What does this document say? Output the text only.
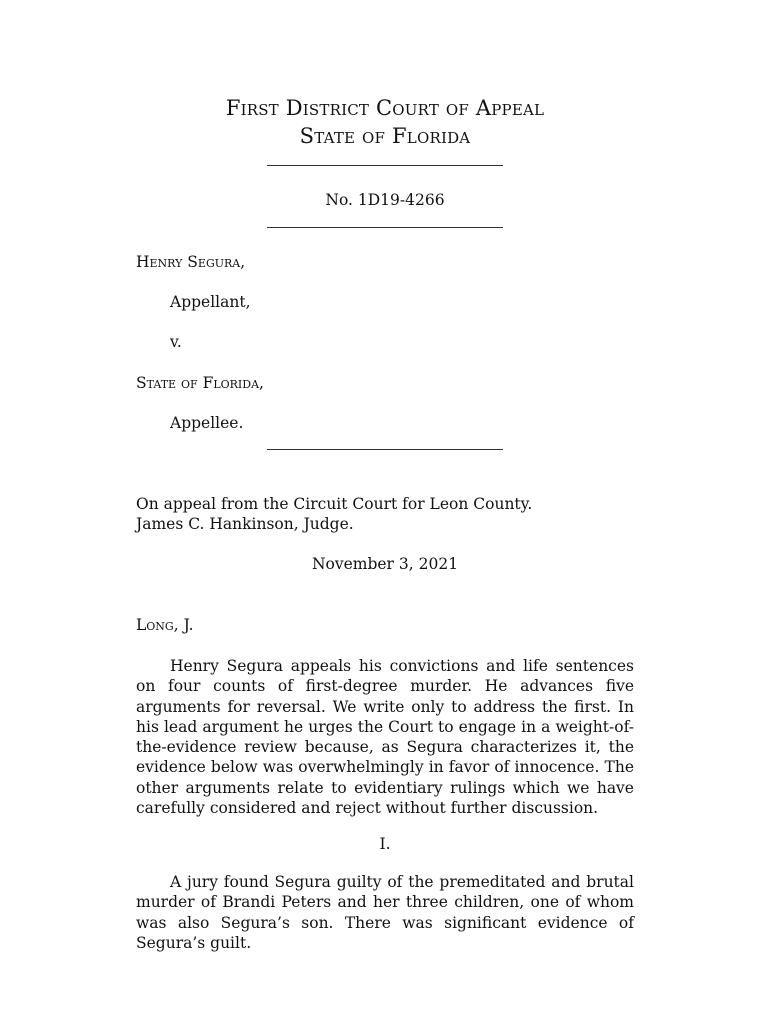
First District Court of Appeal
State of Florida
No. 1D19-4266
Henry Segura,
Appellant,
v.
State of Florida,
Appellee.
On appeal from the Circuit Court for Leon County.
James C. Hankinson, Judge.
November 3, 2021
Long, J.

Henry Segura appeals his convictions and life sentences on four counts of first-degree murder. He advances five arguments for reversal. We write only to address the first. In his lead argument he urges the Court to engage in a weight-of-the-evidence review because, as Segura characterizes it, the evidence below was overwhelmingly in favor of innocence. The other arguments relate to evidentiary rulings which we have carefully considered and reject without further discussion.

I.

A jury found Segura guilty of the premeditated and brutal murder of Brandi Peters and her three children, one of whom was also Segura’s son. There was significant evidence of Segura’s guilt.
